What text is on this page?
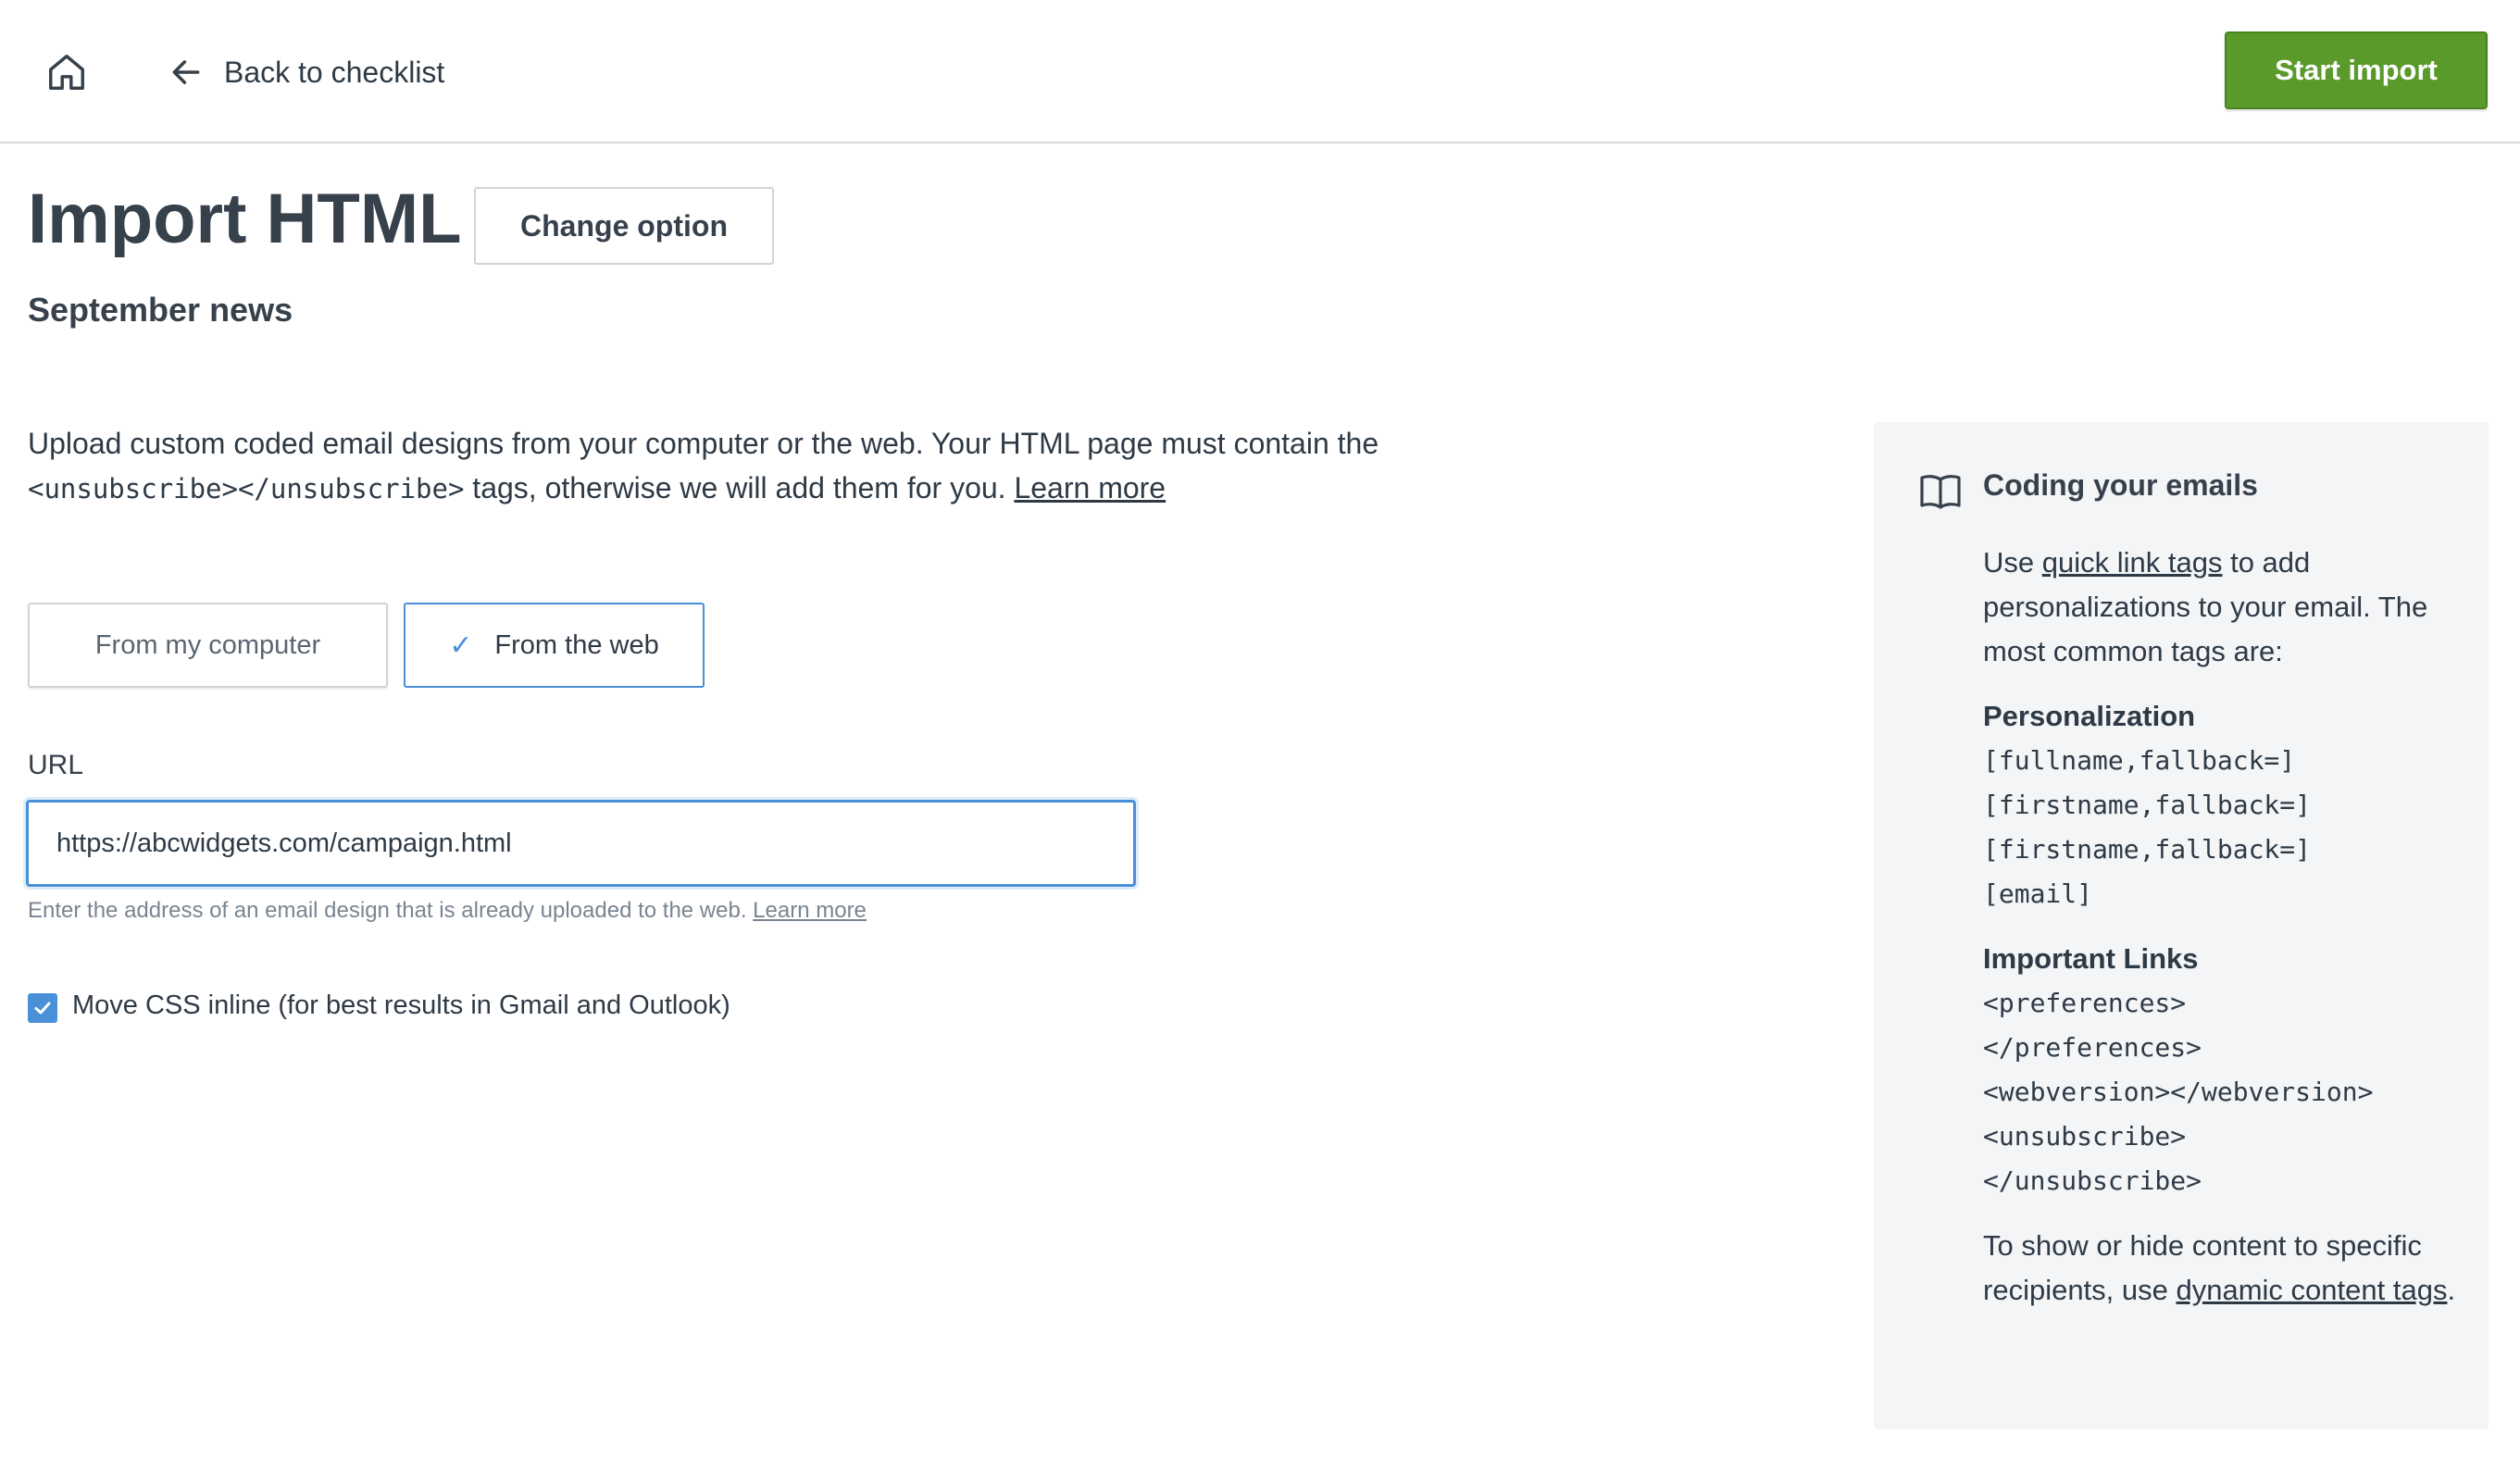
Back to checklist	Start import
Import HTML	Change option
September news
Upload custom coded email designs from your computer or the web. Your HTML page must contain the <unsubscribe></unsubscribe> tags, otherwise we will add them for you. Learn more
From my computer	✓ From the web
URL
https://abcwidgets.com/campaign.html
Enter the address of an email design that is already uploaded to the web. Learn more
Move CSS inline (for best results in Gmail and Outlook)
Coding your emails

Use quick link tags to add personalizations to your email. The most common tags are:

Personalization

[fullname,fallback=]

[firstname,fallback=]

[firstname,fallback=]

[email]

Important Links

<preferences>

</preferences>

<webversion></webversion>

<unsubscribe>

</unsubscribe>

To show or hide content to specific recipients, use dynamic content tags.
